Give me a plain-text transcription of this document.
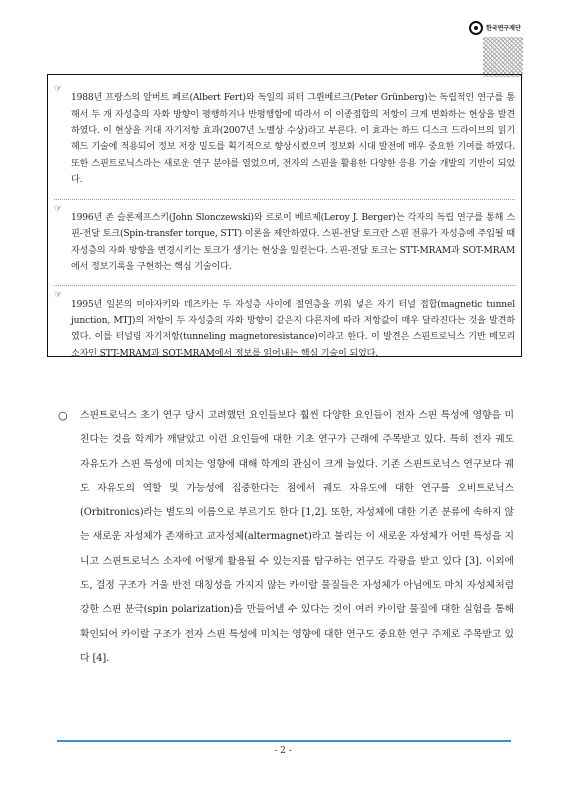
한국연구재단
☞

1988년 프랑스의 알버트 페르(Albert Fert)와 독일의 피터 그륀베르크(Peter Grünberg)는 독립적인 연구를 통해서 두 개 자성층의 자화 방향이 평행하거나 반평행함에 따라서 이 이종접합의 저항이 크게 변화하는 현상을 발견하였다. 이 현상을 거대 자기저항 효과(2007년 노벨상 수상)라고 부른다. 이 효과는 하드 디스크 드라이브의 읽기 헤드 기술에 적용되어 정보 저장 밀도를 획기적으로 향상시켰으며 정보화 시대 발전에 매우 중요한 기여를 하였다. 또한 스핀트로닉스라는 새로운 연구 분야를 열었으며, 전자의 스핀을 활용한 다양한 응용 기술 개발의 기반이 되었다.

☞

1996년 존 슬론제프스키(John Slonczewski)와 르로이 베르제(Leroy J. Berger)는 각자의 독립 연구를 통해 스핀-전달 토크(Spin-transfer torque, STT) 이론을 제안하였다. 스핀-전달 토크란 스핀 전류가 자성층에 주입될 때 자성층의 자화 방향을 변경시키는 토크가 생기는 현상을 일컫는다. 스핀-전달 토크는 STT-MRAM과 SOT-MRAM에서 정보기록을 구현하는 핵심 기술이다.

☞

1995년 일본의 미야자키와 데즈카는 두 자성층 사이에 절연층을 끼워 넣은 자기 터널 접합(magnetic tunnel junction, MTJ)의 저항이 두 자성층의 자화 방향이 같은지 다른지에 따라 저항값이 매우 달라진다는 것을 발견하였다. 이를 터널링 자기저항(tunneling magnetoresistance)이라고 한다. 이 발견은 스핀트로닉스 기반 메모리 소자인 STT-MRAM과 SOT-MRAM에서 정보를 읽어내는 핵심 기술이 되었다.

○	스핀트로닉스 초기 연구 당시 고려했던 요인들보다 훨씬 다양한 요인들이 전자 스핀 특성에 영향을 미친다는 것을 학계가 깨달았고 이런 요인들에 대한 기초 연구가 근래에 주목받고 있다. 특히 전자 궤도 자유도가 스핀 특성에 미치는 영향에 대해 학계의 관심이 크게 늘었다. 기존 스핀트로닉스 연구보다 궤도 자유도의 역할 및 가능성에 집중한다는 점에서 궤도 자유도에 대한 연구를 오비트로닉스(Orbitronics)라는 별도의 이름으로 부르기도 한다 [1,2]. 또한, 자성체에 대한 기존 분류에 속하지 않는 새로운 자성체가 존재하고 교자성체(altermagnet)라고 불리는 이 새로운 자성체가 어떤 특성을 지니고 스핀트로닉스 소자에 어떻게 활용될 수 있는지를 탐구하는 연구도 각광을 받고 있다 [3]. 이외에도, 결정 구조가 거울 반전 대칭성을 가지지 않는 카이랄 물질들은 자성체가 아님에도 마치 자성체처럼 강한 스핀 분극(spin polarization)을 만들어낼 수 있다는 것이 여러 카이랄 물질에 대한 실험을 통해 확인되어 카이랄 구조가 전자 스핀 특성에 미치는 영향에 대한 연구도 중요한 연구 주제로 주목받고 있다 [4].

- 2 -
